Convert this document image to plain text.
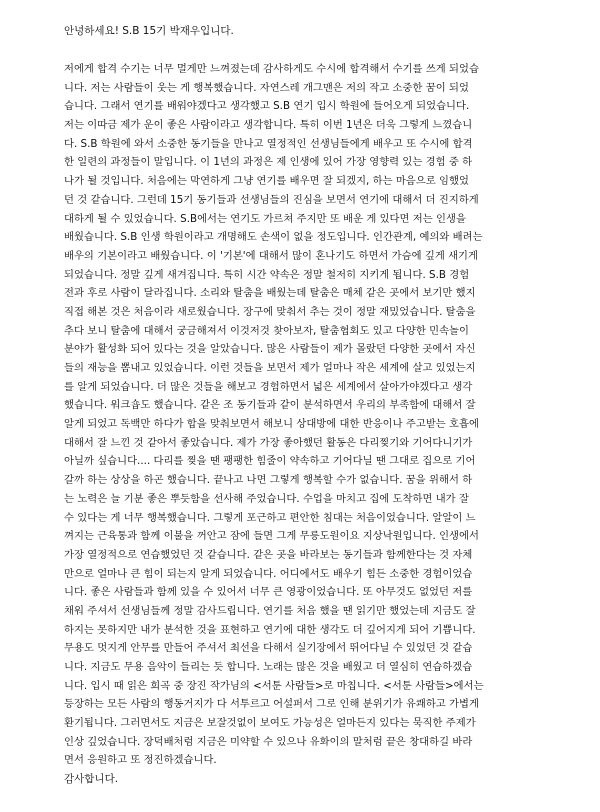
안녕하세요! S.B 15기 박재우입니다.

저에게 합격 수기는 너무 멀게만 느껴졌는데 감사하게도 수시에 합격해서 수기를 쓰게 되었습
니다. 저는 사람들이 웃는 게 행복했습니다. 자연스레 개그맨은 저의 작고 소중한 꿈이 되었
습니다. 그래서 연기를 배워야겠다고 생각했고 S.B 연기 입시 학원에 들어오게 되었습니다.
저는 이따금 제가 운이 좋은 사람이라고 생각합니다. 특히 이번 1년은 더욱 그렇게 느꼈습니
다. S.B 학원에 와서 소중한 동기들을 만나고 열정적인 선생님들에게 배우고 또 수시에 합격
한 일련의 과정들이 말입니다. 이 1년의 과정은 제 인생에 있어 가장 영향력 있는 경험 중 하
나가 될 것입니다. 처음에는 막연하게 그냥 연기를 배우면 잘 되겠지, 하는 마음으로 임했었
던 것 같습니다. 그런데 15기 동기들과 선생님들의 진심을 보면서 연기에 대해서 더 진지하게
대하게 될 수 있었습니다. S.B에서는 연기도 가르쳐 주지만 또 배운 게 있다면 저는 인생을
배웠습니다. S.B 인생 학원이라고 개명해도 손색이 없을 정도입니다. 인간관계, 예의와 배려는
배우의 기본이라고 배웠습니다. 이 '기본'에 대해서 많이 혼나기도 하면서 가슴에 깊게 새기게
되었습니다. 정말 깊게 새겨집니다. 특히 시간 약속은 정말 철저히 지키게 됩니다. S.B 경험
전과 후로 사람이 달라집니다. 소리와 탈춤을 배웠는데 탈춤은 매체 같은 곳에서 보기만 했지
직접 해본 것은 처음이라 새로웠습니다. 장구에 맞춰서 추는 것이 정말 재밌었습니다. 탈춤을
추다 보니 탈춤에 대해서 궁금해져서 이것저것 찾아보자, 탈춤협회도 있고 다양한 민속놀이
분야가 활성화 되어 있다는 것을 알았습니다. 많은 사람들이 제가 몰랐던 다양한 곳에서 자신
들의 재능을 뽐내고 있었습니다. 이런 것들을 보면서 제가 얼마나 작은 세계에 살고 있었는지
를 알게 되었습니다. 더 많은 것들을 해보고 경험하면서 넓은 세계에서 살아가야겠다고 생각
했습니다. 워크숍도 했습니다. 같은 조 동기들과 같이 분석하면서 우리의 부족함에 대해서 잘
알게 되었고 독백만 하다가 합을 맞춰보면서 해보니 상대방에 대한 반응이나 주고받는 호흡에
대해서 잘 느낀 것 같아서 좋았습니다. 제가 가장 좋아했던 활동은 다리찢기와 기어다니기가
아닐까 싶습니다.... 다리를 찢을 땐 팽팽한 힘줄이 약속하고 기어다닐 땐 그대로 집으로 기어
갈까 하는 상상을 하곤 했습니다. 끝나고 나면 그렇게 행복할 수가 없습니다. 꿈을 위해서 하
는 노력은 늘 기분 좋은 뿌듯함을 선사해 주었습니다. 수업을 마치고 집에 도착하면 내가 잘
수 있다는 게 너무 행복했습니다. 그렇게 포근하고 편안한 침대는 처음이었습니다. 알알이 느
껴지는 근육통과 함께 이불을 꺼안고 잠에 들면 그게 무릉도원이요 지상낙원입니다. 인생에서
가장 열정적으로 연습했었던 것 같습니다. 같은 곳을 바라보는 동기들과 함께한다는 것 자체
만으로 얼마나 큰 힘이 되는지 알게 되었습니다. 어디에서도 배우기 힘든 소중한 경험이었습
니다. 좋은 사람들과 함께 있을 수 있어서 너무 큰 영광이었습니다. 또 아무것도 없었던 저를
채워 주셔서 선생님들께 정말 감사드립니다. 연기를 처음 했을 땐 읽기만 했었는데 지금도 잘
하지는 못하지만 내가 분석한 것을 표현하고 연기에 대한 생각도 더 깊어지게 되어 기쁩니다.
무용도 멋지게 안무를 만들어 주셔서 최선을 다해서 실기장에서 뛰어다닐 수 있었던 것 같습
니다. 지금도 무용 음악이 들리는 듯 합니다. 노래는 많은 것을 배웠고 더 열심히 연습하겠습
니다. 입시 때 읽은 희곡 중 장진 작가님의 <서툰 사람들>로 마칩니다. <서툰 사람들>에서는
등장하는 모든 사람의 행동거지가 다 서투르고 어설퍼서 그로 인해 분위기가 유쾌하고 가볍게
환기됩니다. 그러면서도 지금은 보잘것없이 보여도 가능성은 얼마든지 있다는 묵직한 주제가
인상 깊었습니다. 장덕배처럼 지금은 미약할 수 있으나 유화이의 말처럼 끝은 창대하길 바라
면서 응원하고 또 정진하겠습니다.
감사합니다.
